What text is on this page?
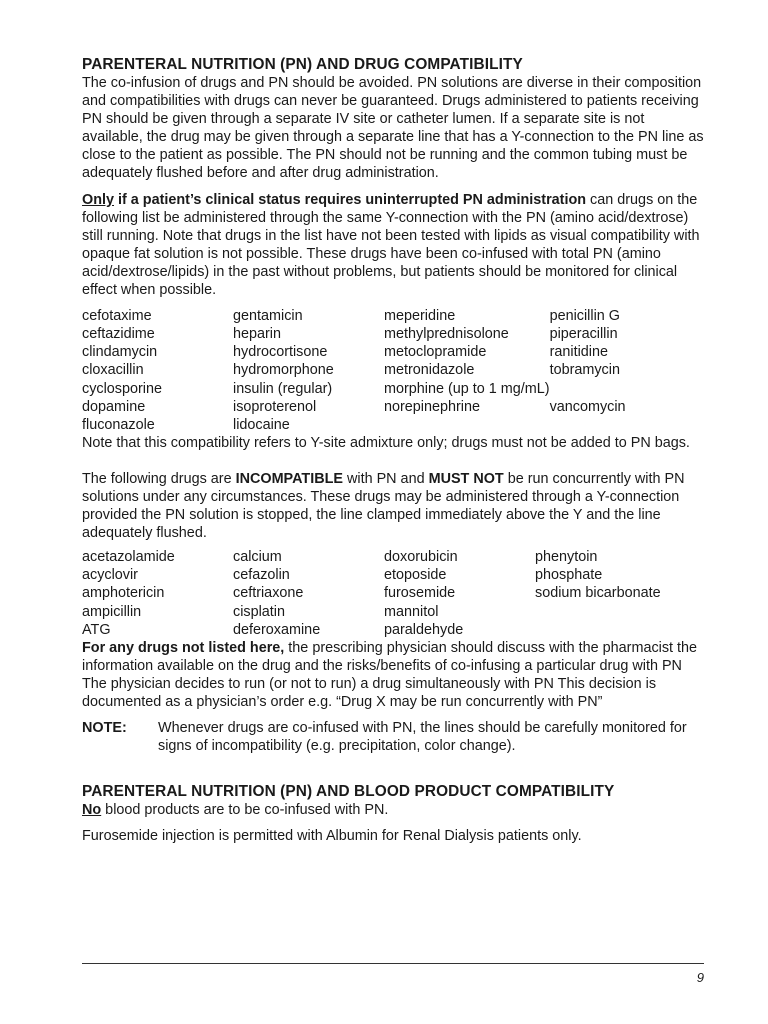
PARENTERAL NUTRITION (PN) AND DRUG COMPATIBILITY

The co-infusion of drugs and PN should be avoided. PN solutions are diverse in their composition and compatibilities with drugs can never be guaranteed. Drugs administered to patients receiving PN should be given through a separate IV site or catheter lumen. If a separate site is not available, the drug may be given through a separate line that has a Y-connection to the PN line as close to the patient as possible. The PN should not be running and the common tubing must be adequately flushed before and after drug administration.

Only if a patient’s clinical status requires uninterrupted PN administration can drugs on the following list be administered through the same Y-connection with the PN (amino acid/dextrose) still running. Note that drugs in the list have not been tested with lipids as visual compatibility with opaque fat solution is not possible. These drugs have been co-infused with total PN (amino acid/dextrose/lipids) in the past without problems, but patients should be monitored for clinical effect when possible.

cefotaxime	gentamicin	meperidine	penicillin G
ceftazidime	heparin	methylprednisolone	piperacillin
clindamycin	hydrocortisone	metoclopramide	ranitidine
cloxacillin	hydromorphone	metronidazole	tobramycin
cyclosporine	insulin (regular)	morphine (up to 1 mg/mL)	
dopamine	isoproterenol	norepinephrine	vancomycin
fluconazole	lidocaine		

Note that this compatibility refers to Y-site admixture only; drugs must not be added to PN bags.

The following drugs are INCOMPATIBLE with PN and MUST NOT be run concurrently with PN solutions under any circumstances. These drugs may be administered through a Y-connection provided the PN solution is stopped, the line clamped immediately above the Y and the line adequately flushed.

acetazolamide	calcium	doxorubicin	phenytoin
acyclovir	cefazolin	etoposide	phosphate
amphotericin	ceftriaxone	furosemide	sodium bicarbonate
ampicillin	cisplatin	mannitol	
ATG	deferoxamine	paraldehyde	

For any drugs not listed here, the prescribing physician should discuss with the pharmacist the information available on the drug and the risks/benefits of co-infusing a particular drug with PN The physician decides to run (or not to run) a drug simultaneously with PN This decision is documented as a physician’s order e.g. “Drug X may be run concurrently with PN”

NOTE:	Whenever drugs are co-infused with PN, the lines should be carefully monitored for signs of incompatibility (e.g. precipitation, color change).
PARENTERAL NUTRITION (PN) AND BLOOD PRODUCT COMPATIBILITY

No blood products are to be co-infused with PN.

Furosemide injection is permitted with Albumin for Renal Dialysis patients only.

9
